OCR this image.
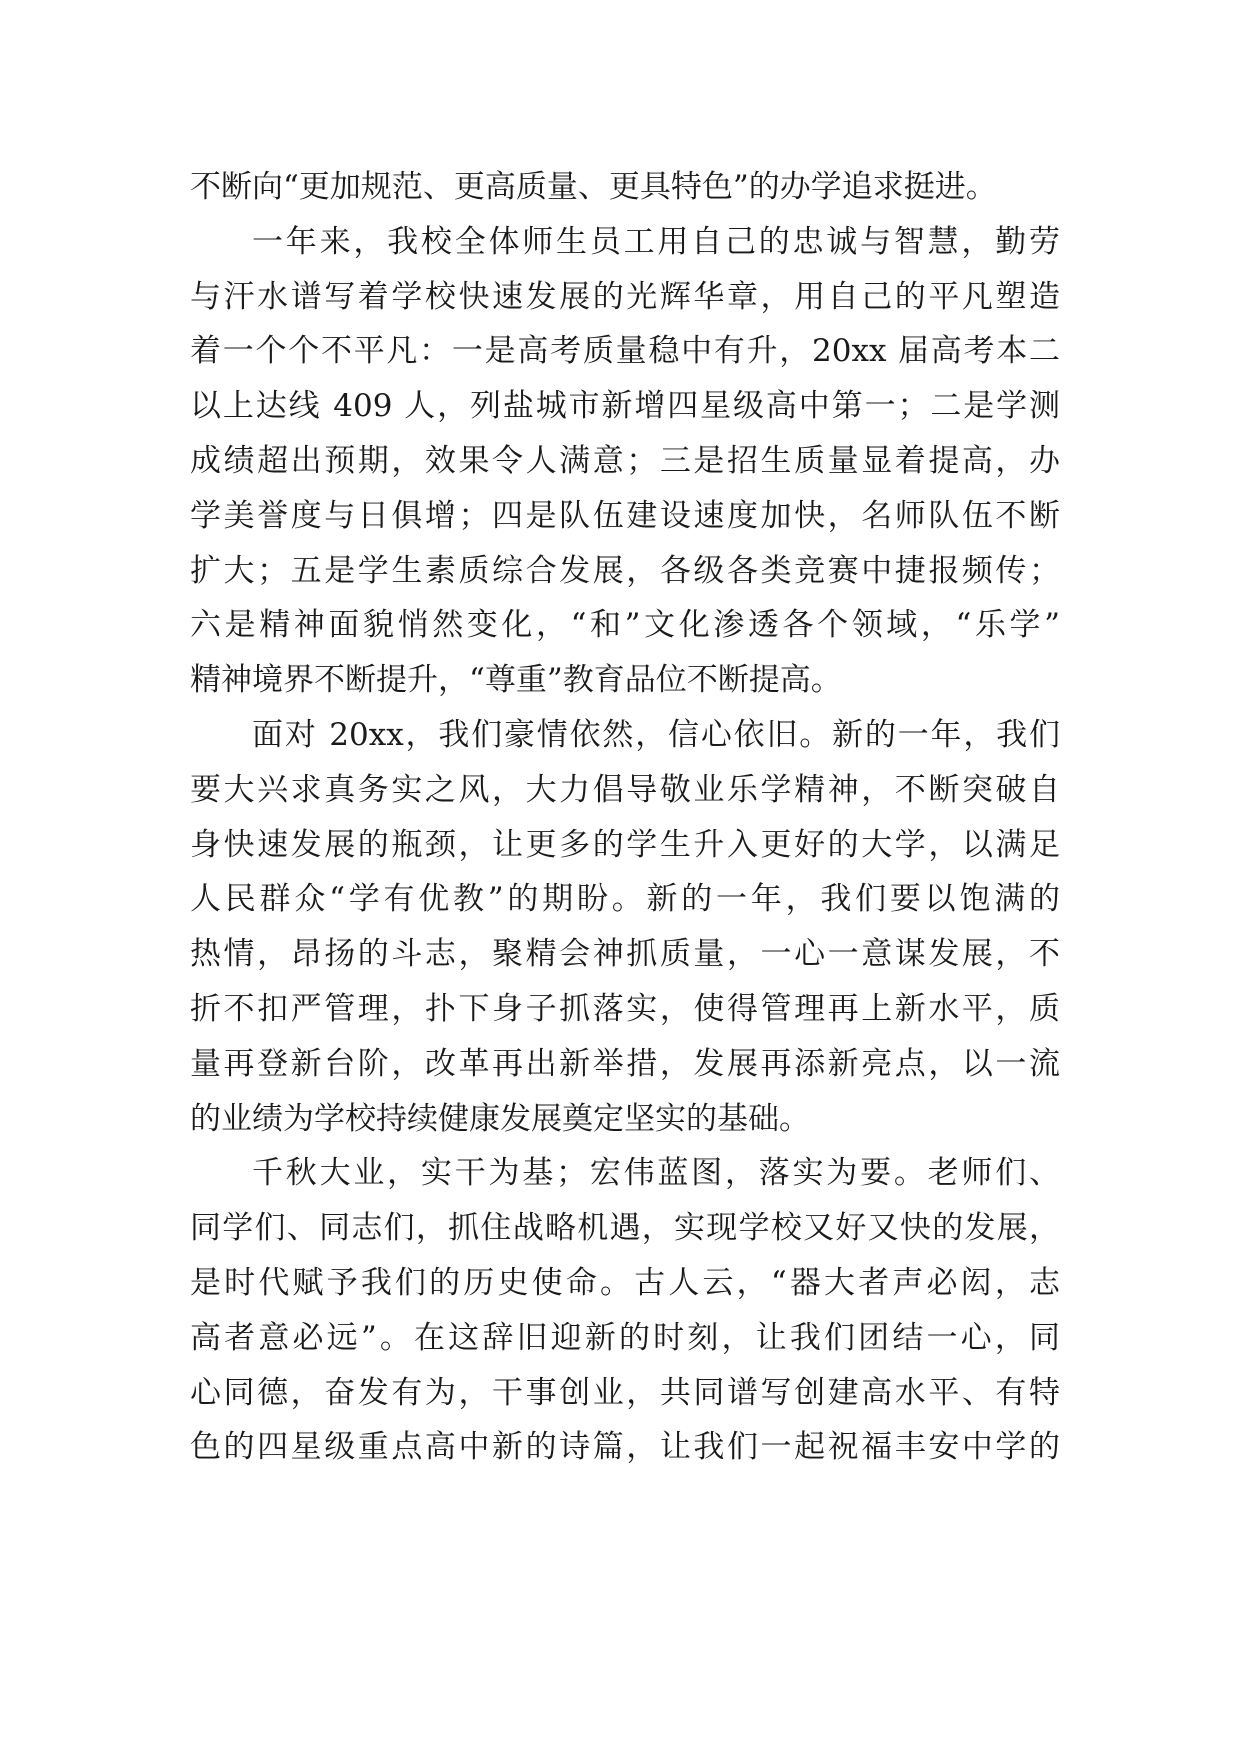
不断向“更加规范、更高质量、更具特色”的办学追求挺进。
一年来，我校全体师生员工用自己的忠诚与智慧，勤劳
与汗水谱写着学校快速发展的光辉华章，用自己的平凡塑造
着一个个不平凡：一是高考质量稳中有升，20xx 届高考本二
以上达线 409 人，列盐城市新增四星级高中第一；二是学测
成绩超出预期，效果令人满意；三是招生质量显着提高，办
学美誉度与日俱增；四是队伍建设速度加快，名师队伍不断
扩大；五是学生素质综合发展，各级各类竞赛中捷报频传；
六是精神面貌悄然变化，“和”文化渗透各个领域，“乐学”
精神境界不断提升，“尊重”教育品位不断提高。
面对 20xx，我们豪情依然，信心依旧。新的一年，我们
要大兴求真务实之风，大力倡导敬业乐学精神，不断突破自
身快速发展的瓶颈，让更多的学生升入更好的大学，以满足
人民群众“学有优教”的期盼。新的一年，我们要以饱满的
热情，昂扬的斗志，聚精会神抓质量，一心一意谋发展，不
折不扣严管理，扑下身子抓落实，使得管理再上新水平，质
量再登新台阶，改革再出新举措，发展再添新亮点，以一流
的业绩为学校持续健康发展奠定坚实的基础。
千秋大业，实干为基；宏伟蓝图，落实为要。老师们、
同学们、同志们，抓住战略机遇，实现学校又好又快的发展，
是时代赋予我们的历史使命。古人云，“器大者声必闳，志
高者意必远”。在这辞旧迎新的时刻，让我们团结一心，同
心同德，奋发有为，干事创业，共同谱写创建高水平、有特
色的四星级重点高中新的诗篇，让我们一起祝福丰安中学的
